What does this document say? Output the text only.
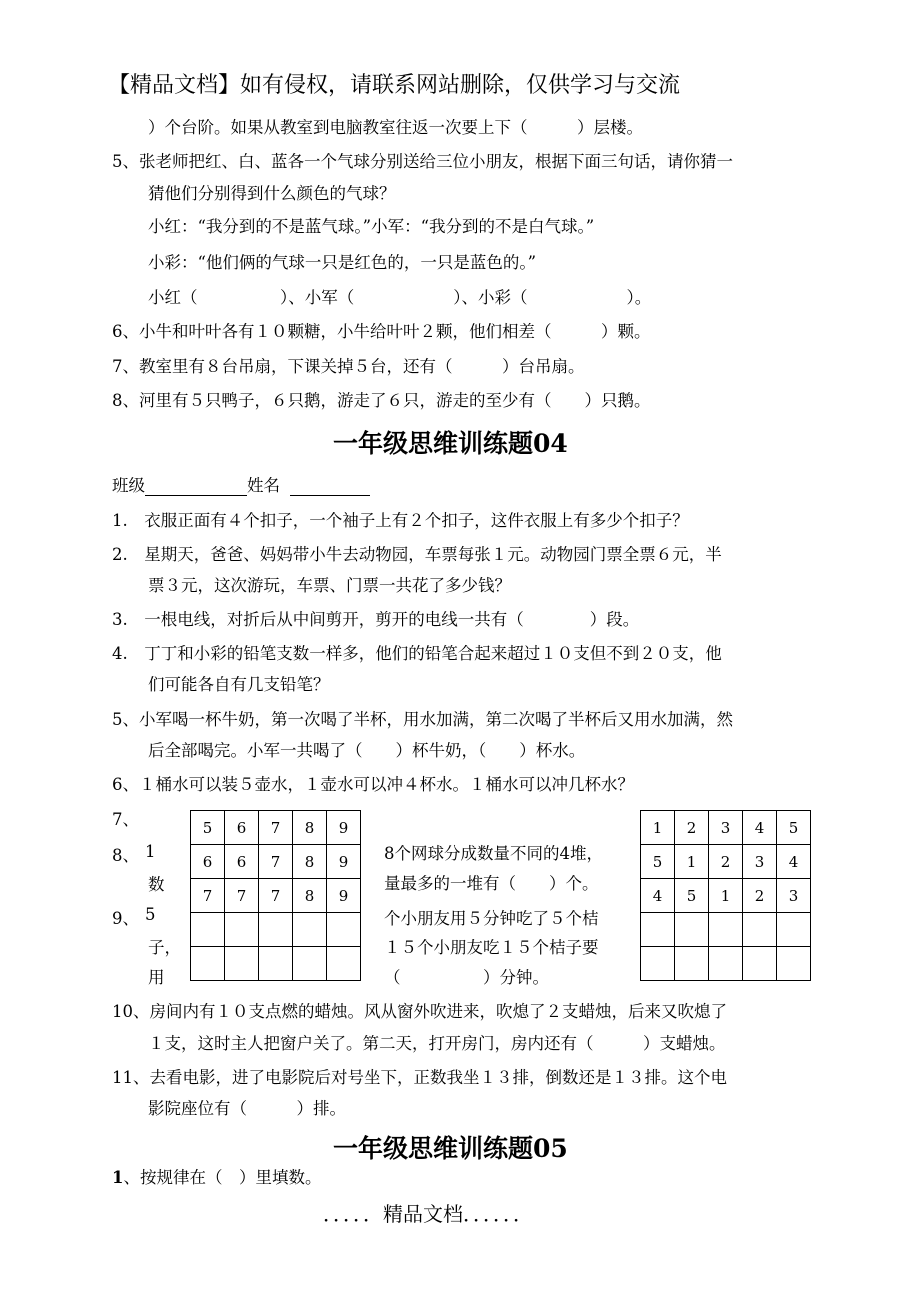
【精品文档】如有侵权，请联系网站删除，仅供学习与交流
）个台阶。如果从教室到电脑教室往返一次要上下（　　　）层楼。
5、张老师把红、白、蓝各一个气球分别送给三位小朋友，根据下面三句话，请你猜一
猜他们分别得到什么颜色的气球？
小红：“我分到的不是蓝气球。”小军：“我分到的不是白气球。”
小彩：“他们俩的气球一只是红色的，一只是蓝色的。”
小红（　　　　　）、小军（　　　　　　）、小彩（　　　　　　）。
6、小牛和叶叶各有１０颗糖，小牛给叶叶２颗，他们相差（　　　）颗。
7、教室里有８台吊扇，下课关掉５台，还有（　　　）台吊扇。
8、河里有５只鸭子，６只鹅，游走了６只，游走的至少有（　　）只鹅。
一年级思维训练题04
班级	姓名
1.　衣服正面有４个扣子，一个袖子上有２个扣子，这件衣服上有多少个扣子？
2.　星期天，爸爸、妈妈带小牛去动物园，车票每张１元。动物园门票全票６元，半
票３元，这次游玩，车票、门票一共花了多少钱？
3.　一根电线，对折后从中间剪开，剪开的电线一共有（　　　　）段。
4.　丁丁和小彩的铅笔支数一样多，他们的铅笔合起来超过１０支但不到２０支，他
们可能各自有几支铅笔？
5、小军喝一杯牛奶，第一次喝了半杯，用水加满，第二次喝了半杯后又用水加满，然
后全部喝完。小军一共喝了（　　）杯牛奶，（　　）杯水。
6、１桶水可以装５壶水，１壶水可以冲４杯水。１桶水可以冲几杯水？
7、
8、 1
数
9、 5
子，
用
5	6	7	8	9
6	6	7	8	9
7	7	7	8	9

8个网球分成数量不同的4堆，
量最多的一堆有（　　）个。
个小朋友用５分钟吃了５个桔
１５个小朋友吃１５个桔子要
（　　　　　）分钟。
1	2	3	4	5
5	1	2	3	4
4	5	1	2	3

10、房间内有１０支点燃的蜡烛。风从窗外吹进来，吹熄了２支蜡烛，后来又吹熄了
１支，这时主人把窗户关了。第二天，打开房门，房内还有（　　　）支蜡烛。
11、去看电影，进了电影院后对号坐下，正数我坐１３排，倒数还是１３排。这个电
影院座位有（　　　）排。
一年级思维训练题05
1、按规律在（　）里填数。
．．．．．精品文档．．．．．．
